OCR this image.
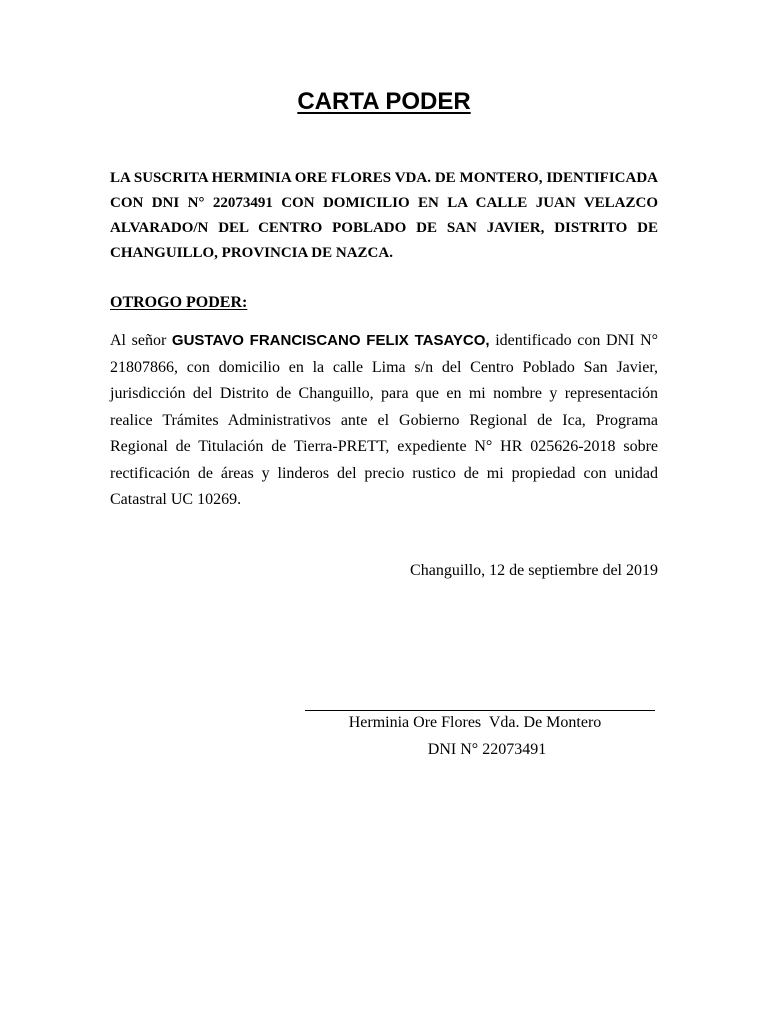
CARTA PODER
LA SUSCRITA HERMINIA ORE FLORES VDA. DE MONTERO, IDENTIFICADA CON DNI N° 22073491 CON DOMICILIO EN LA CALLE JUAN VELAZCO ALVARADO/N DEL CENTRO POBLADO DE SAN JAVIER, DISTRITO DE CHANGUILLO, PROVINCIA DE NAZCA.
OTROGO PODER:
Al señor GUSTAVO FRANCISCANO FELIX TASAYCO, identificado con DNI N° 21807866, con domicilio en la calle Lima s/n del Centro Poblado San Javier, jurisdicción del Distrito de Changuillo, para que en mi nombre y representación realice Trámites Administrativos ante el Gobierno Regional de Ica, Programa Regional de Titulación de Tierra-PRETT, expediente N° HR 025626-2018 sobre rectificación de áreas y linderos del precio rustico de mi propiedad con unidad Catastral UC 10269.
Changuillo, 12 de septiembre del 2019
Herminia Ore Flores  Vda. De Montero
DNI N° 22073491
